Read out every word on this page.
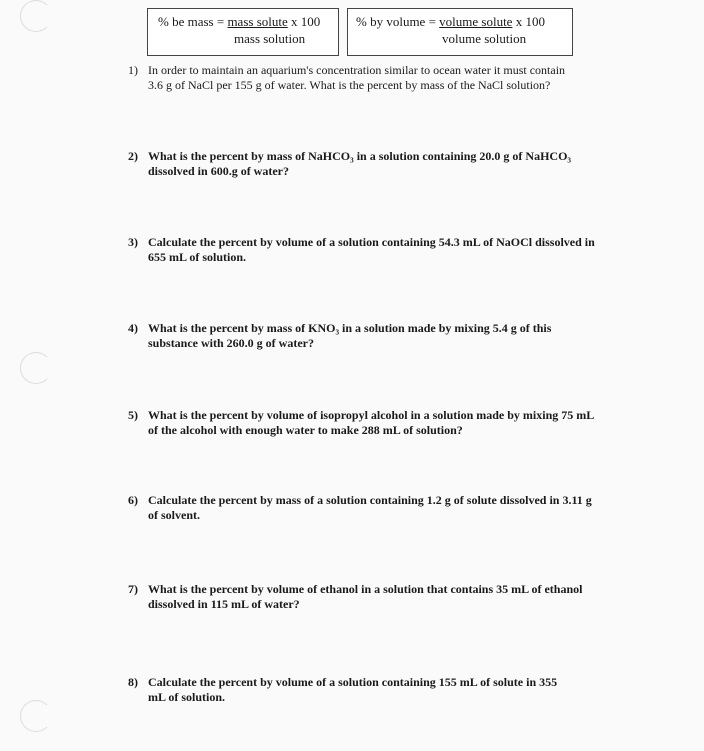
% be mass = mass solute x 100
mass solution
% by volume = volume solute x 100
volume solution
1) In order to maintain an aquarium's concentration similar to ocean water it must contain
3.6 g of NaCl per 155 g of water. What is the percent by mass of the NaCl solution?
2) What is the percent by mass of NaHCO₃ in a solution containing 20.0 g of NaHCO₃
dissolved in 600.g of water?
3) Calculate the percent by volume of a solution containing 54.3 mL of NaOCl dissolved in
655 mL of solution.
4) What is the percent by mass of KNO₃ in a solution made by mixing 5.4 g of this
substance with 260.0 g of water?
5) What is the percent by volume of isopropyl alcohol in a solution made by mixing 75 mL
of the alcohol with enough water to make 288 mL of solution?
6) Calculate the percent by mass of a solution containing 1.2 g of solute dissolved in 3.11 g
of solvent.
7) What is the percent by volume of ethanol in a solution that contains 35 mL of ethanol
dissolved in 115 mL of water?
8) Calculate the percent by volume of a solution containing 155 mL of solute in 355
mL of solution.
